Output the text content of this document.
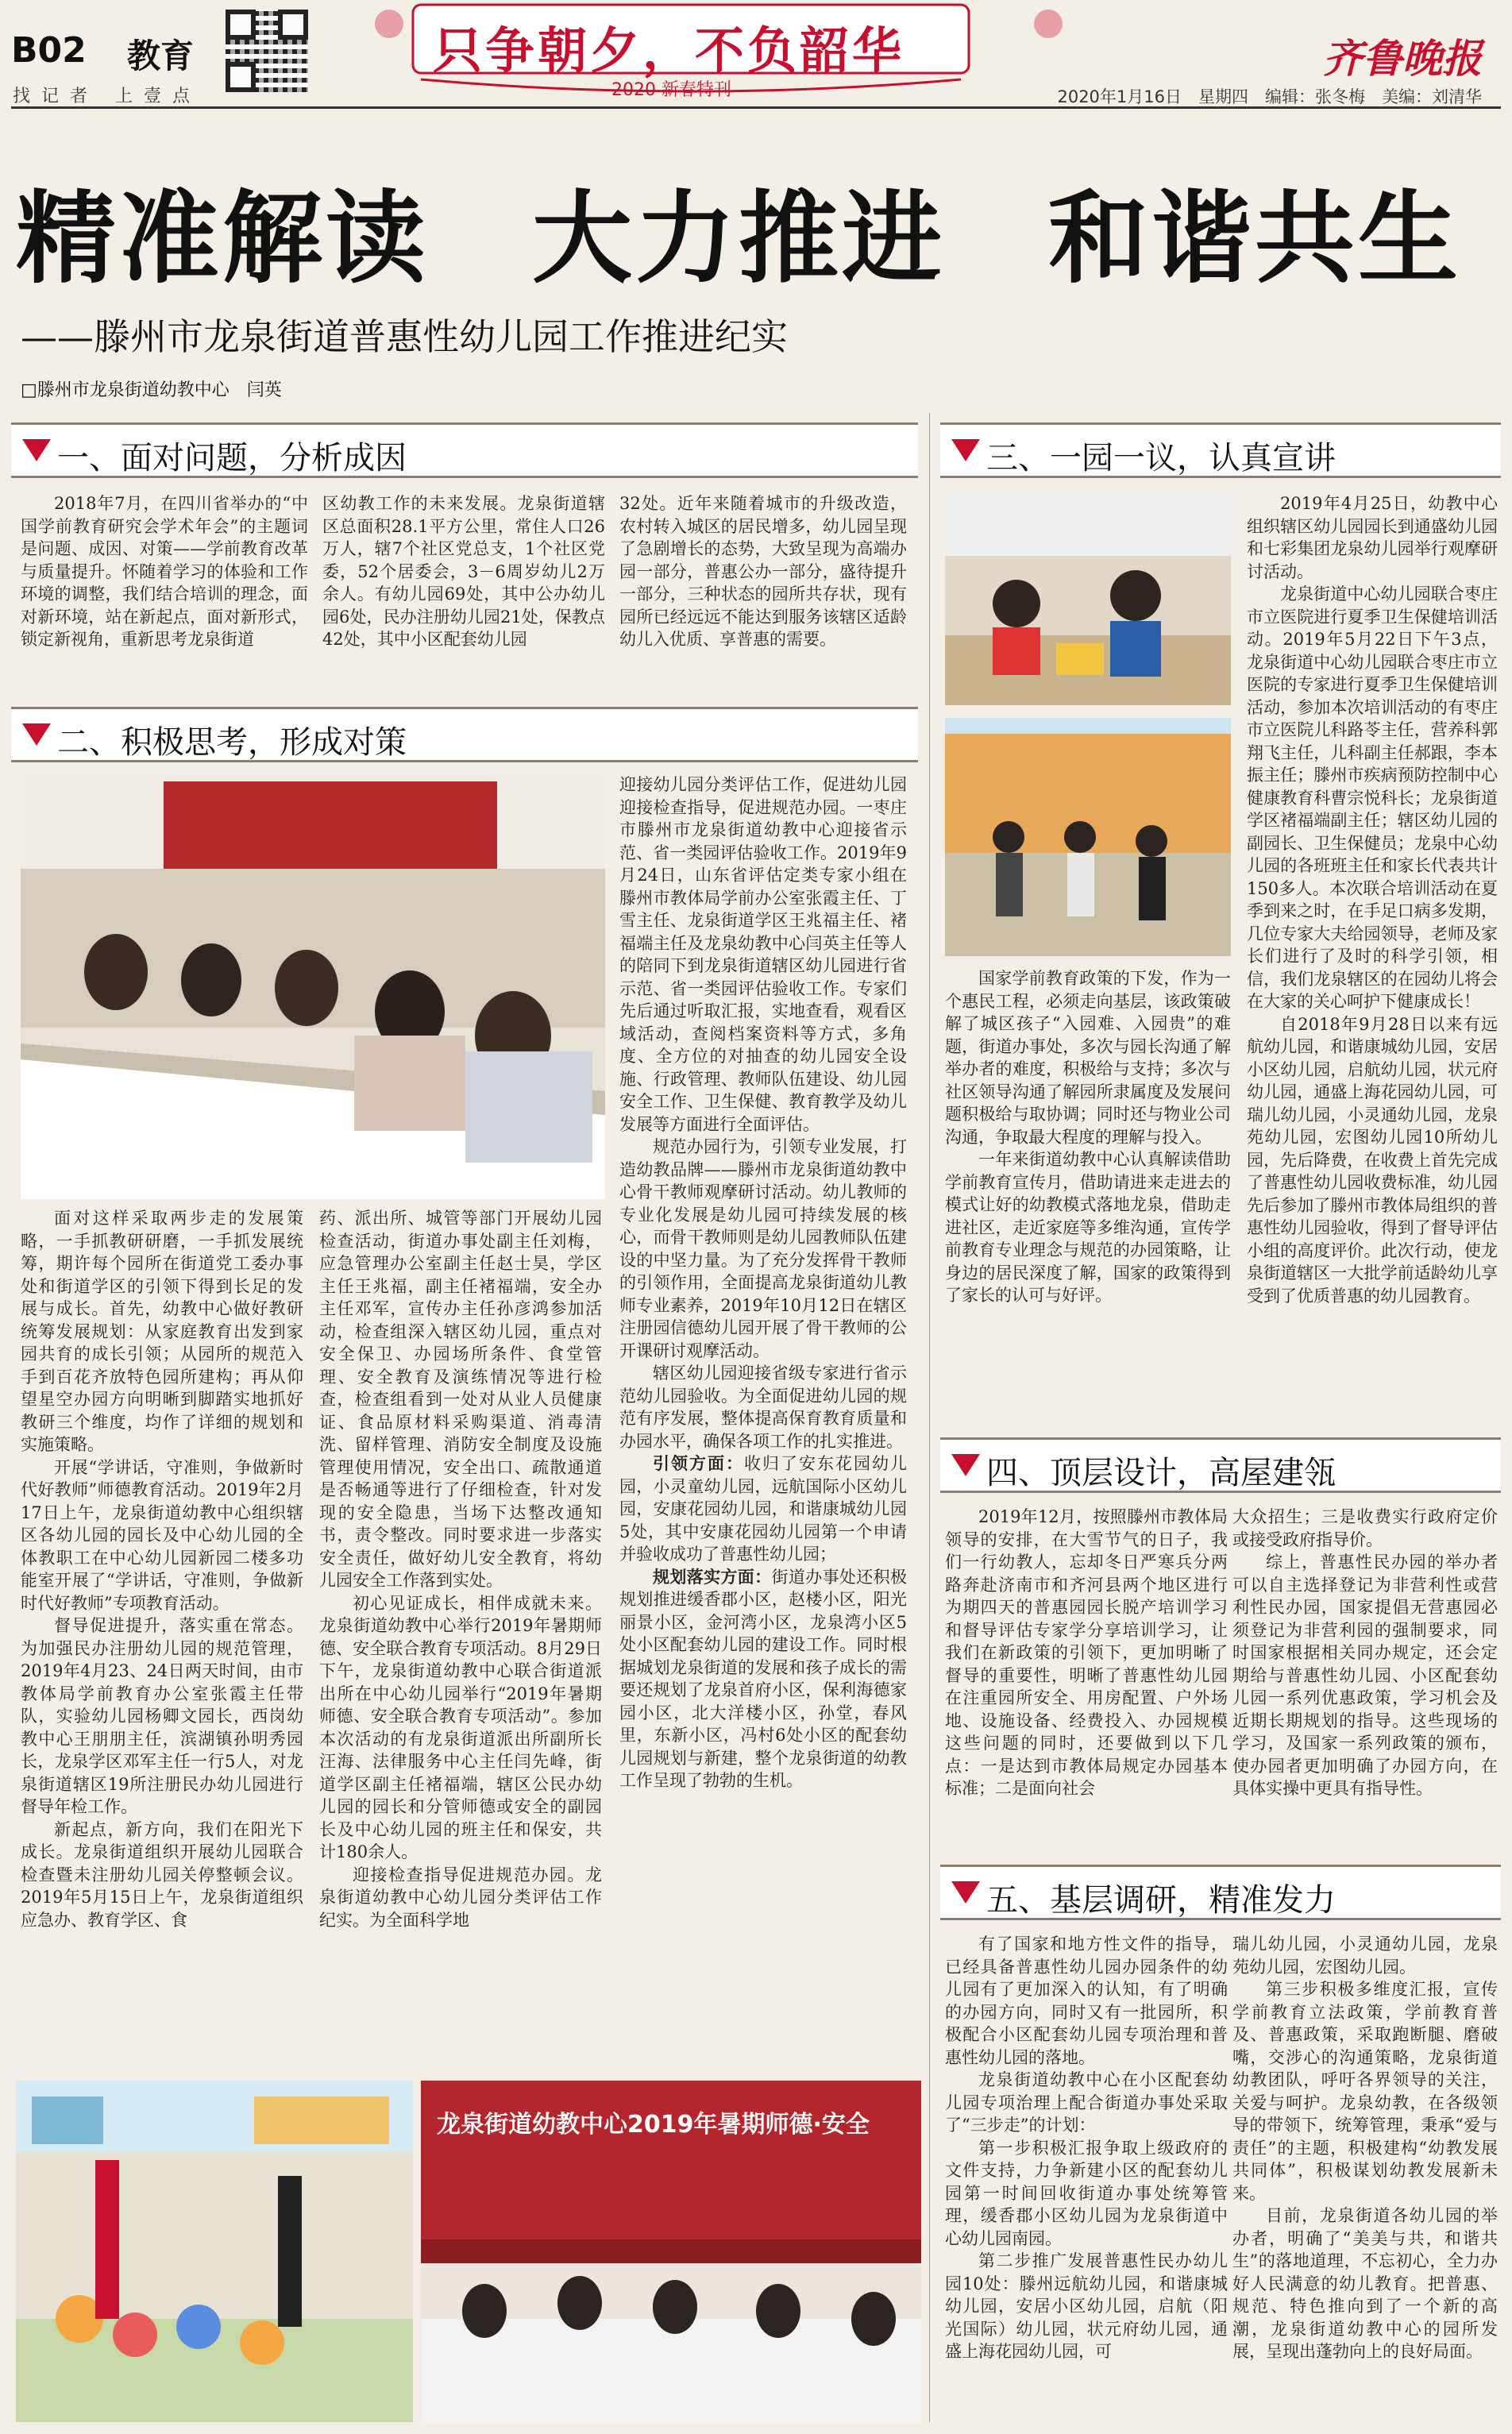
B02 教育
找记者 上壹点
只争朝夕，不负韶华
2020 新春特刊
齐鲁晚报
2020年1月16日　星期四　编辑：张冬梅　美编：刘清华
精准解读　大力推进　和谐共生
——滕州市龙泉街道普惠性幼儿园工作推进纪实
□滕州市龙泉街道幼教中心　闫英
一、面对问题，分析成因

2018年7月，在四川省举办的“中国学前教育研究会学术年会”的主题词是问题、成因、对策——学前教育改革与质量提升。怀随着学习的体验和工作环境的调整，我们结合培训的理念，面对新环境，站在新起点，面对新形式，锁定新视角，重新思考龙泉街道

区幼教工作的未来发展。龙泉街道辖区总面积28.1平方公里，常住人口26万人，辖7个社区党总支，1个社区党委，52个居委会，3－6周岁幼儿2万余人。有幼儿园69处，其中公办幼儿园6处，民办注册幼儿园21处，保教点42处，其中小区配套幼儿园

32处。近年来随着城市的升级改造，农村转入城区的居民增多，幼儿园呈现了急剧增长的态势，大致呈现为高端办园一部分，普惠公办一部分，盛待提升一部分，三种状态的园所共存状，现有园所已经远远不能达到服务该辖区适龄幼儿入优质、享普惠的需要。

二、积极思考，形成对策

面对这样采取两步走的发展策略，一手抓教研研磨，一手抓发展统筹，期许每个园所在街道党工委办事处和街道学区的引领下得到长足的发展与成长。首先，幼教中心做好教研统筹发展规划：从家庭教育出发到家园共育的成长引领；从园所的规范入手到百花齐放特色园所建构；再从仰望星空办园方向明晰到脚踏实地抓好教研三个维度，均作了详细的规划和实施策略。

开展“学讲话，守准则，争做新时代好教师”师德教育活动。2019年2月17日上午，龙泉街道幼教中心组织辖区各幼儿园的园长及中心幼儿园的全体教职工在中心幼儿园新园二楼多功能室开展了“学讲话，守准则，争做新时代好教师”专项教育活动。

督导促进提升，落实重在常态。为加强民办注册幼儿园的规范管理，2019年4月23、24日两天时间，由市教体局学前教育办公室张霞主任带队，实验幼儿园杨卿文园长，西岗幼教中心王朋朋主任，滨湖镇孙明秀园长，龙泉学区邓军主任一行5人，对龙泉街道辖区19所注册民办幼儿园进行督导年检工作。

新起点，新方向，我们在阳光下成长。龙泉街道组织开展幼儿园联合检查暨未注册幼儿园关停整顿会议。2019年5月15日上午，龙泉街道组织应急办、教育学区、食

药、派出所、城管等部门开展幼儿园检查活动，街道办事处副主任刘梅，应急管理办公室副主任赵士昊，学区主任王兆福，副主任褚福端，安全办主任邓军，宣传办主任孙彦鸿参加活动，检查组深入辖区幼儿园，重点对安全保卫、办园场所条件、食堂管理、安全教育及演练情况等进行检查，检查组看到一处对从业人员健康证、食品原材料采购渠道、消毒清洗、留样管理、消防安全制度及设施管理使用情况，安全出口、疏散通道是否畅通等进行了仔细检查，针对发现的安全隐患，当场下达整改通知书，责令整改。同时要求进一步落实安全责任，做好幼儿安全教育，将幼儿园安全工作落到实处。

初心见证成长，相伴成就未来。龙泉街道幼教中心举行2019年暑期师德、安全联合教育专项活动。8月29日下午，龙泉街道幼教中心联合街道派出所在中心幼儿园举行“2019年暑期师德、安全联合教育专项活动”。参加本次活动的有龙泉街道派出所副所长汪海、法律服务中心主任闫先峰，街道学区副主任褚福端，辖区公民办幼儿园的园长和分管师德或安全的副园长及中心幼儿园的班主任和保安，共计180余人。

迎接检查指导促进规范办园。龙泉街道幼教中心幼儿园分类评估工作纪实。为全面科学地

迎接幼儿园分类评估工作，促进幼儿园迎接检查指导，促进规范办园。一枣庄市滕州市龙泉街道幼教中心迎接省示范、省一类园评估验收工作。2019年9月24日，山东省评估定类专家小组在滕州市教体局学前办公室张霞主任、丁雪主任、龙泉街道学区王兆福主任、褚福端主任及龙泉幼教中心闫英主任等人的陪同下到龙泉街道辖区幼儿园进行省示范、省一类园评估验收工作。专家们先后通过听取汇报，实地查看，观看区域活动，查阅档案资料等方式，多角度、全方位的对抽查的幼儿园安全设施、行政管理、教师队伍建设、幼儿园安全工作、卫生保健、教育教学及幼儿发展等方面进行全面评估。

规范办园行为，引领专业发展，打造幼教品牌——滕州市龙泉街道幼教中心骨干教师观摩研讨活动。幼儿教师的专业化发展是幼儿园可持续发展的核心，而骨干教师则是幼儿园教师队伍建设的中坚力量。为了充分发挥骨干教师的引领作用，全面提高龙泉街道幼儿教师专业素养，2019年10月12日在辖区注册园信德幼儿园开展了骨干教师的公开课研讨观摩活动。

辖区幼儿园迎接省级专家进行省示范幼儿园验收。为全面促进幼儿园的规范有序发展，整体提高保育教育质量和办园水平，确保各项工作的扎实推进。

引领方面：收归了安东花园幼儿园，小灵童幼儿园，远航国际小区幼儿园，安康花园幼儿园，和谐康城幼儿园5处，其中安康花园幼儿园第一个申请并验收成功了普惠性幼儿园；

规划落实方面：街道办事处还积极规划推进缓香郡小区，赵楼小区，阳光丽景小区，金河湾小区，龙泉湾小区5处小区配套幼儿园的建设工作。同时根据城划龙泉街道的发展和孩子成长的需要还规划了龙泉首府小区，保利海德家园小区，北大洋楼小区，孙堂，春风里，东新小区，冯村6处小区的配套幼儿园规划与新建，整个龙泉街道的幼教工作呈现了勃勃的生机。

龙泉街道幼教中心2019年暑期师德·安全
三、一园一议，认真宣讲

国家学前教育政策的下发，作为一个惠民工程，必须走向基层，该政策破解了城区孩子“入园难、入园贵”的难题，街道办事处，多次与园长沟通了解举办者的难度，积极给与支持；多次与社区领导沟通了解园所隶属度及发展问题积极给与取协调；同时还与物业公司沟通，争取最大程度的理解与投入。

一年来街道幼教中心认真解读借助学前教育宣传月，借助请进来走进去的模式让好的幼教模式落地龙泉，借助走进社区，走近家庭等多维沟通，宣传学前教育专业理念与规范的办园策略，让身边的居民深度了解，国家的政策得到了家长的认可与好评。

2019年4月25日，幼教中心组织辖区幼儿园园长到通盛幼儿园和七彩集团龙泉幼儿园举行观摩研讨活动。

龙泉街道中心幼儿园联合枣庄市立医院进行夏季卫生保健培训活动。2019年5月22日下午3点，龙泉街道中心幼儿园联合枣庄市立医院的专家进行夏季卫生保健培训活动，参加本次培训活动的有枣庄市立医院儿科路苓主任，营养科郭翔飞主任，儿科副主任郝跟，李本振主任；滕州市疾病预防控制中心健康教育科曹宗悦科长；龙泉街道学区褚福端副主任；辖区幼儿园的副园长、卫生保健员；龙泉中心幼儿园的各班班主任和家长代表共计150多人。本次联合培训活动在夏季到来之时，在手足口病多发期，几位专家大夫给园领导，老师及家长们进行了及时的科学引领，相信，我们龙泉辖区的在园幼儿将会在大家的关心呵护下健康成长！

自2018年9月28日以来有远航幼儿园，和谐康城幼儿园，安居小区幼儿园，启航幼儿园，状元府幼儿园，通盛上海花园幼儿园，可瑞儿幼儿园，小灵通幼儿园，龙泉苑幼儿园，宏图幼儿园10所幼儿园，先后降费，在收费上首先完成了普惠性幼儿园收费标准，幼儿园先后参加了滕州市教体局组织的普惠性幼儿园验收，得到了督导评估小组的高度评价。此次行动，使龙泉街道辖区一大批学前适龄幼儿享受到了优质普惠的幼儿园教育。

四、顶层设计，高屋建瓴

2019年12月，按照滕州市教体局领导的安排，在大雪节气的日子，我们一行幼教人，忘却冬日严寒兵分两路奔赴济南市和齐河县两个地区进行为期四天的普惠园园长脱产培训学习和督导评估专家学分享培训学习，让我们在新政策的引领下，更加明晰了督导的重要性，明晰了普惠性幼儿园在注重园所安全、用房配置、户外场地、设施设备、经费投入、办园规模这些问题的同时，还要做到以下几点：一是达到市教体局规定办园基本标准；二是面向社会

大众招生；三是收费实行政府定价或接受政府指导价。

综上，普惠性民办园的举办者可以自主选择登记为非营利性或营利性民办园，国家提倡无营惠园必须登记为非营利园的强制要求，同时国家根据相关同办规定，还会定期给与普惠性幼儿园、小区配套幼儿园一系列优惠政策，学习机会及近期长期规划的指导。这些现场的学习，及国家一系列政策的颁布，使办园者更加明确了办园方向，在具体实操中更具有指导性。

五、基层调研，精准发力

有了国家和地方性文件的指导，已经具备普惠性幼儿园办园条件的幼儿园有了更加深入的认知，有了明确的办园方向，同时又有一批园所，积极配合小区配套幼儿园专项治理和普惠性幼儿园的落地。

龙泉街道幼教中心在小区配套幼儿园专项治理上配合街道办事处采取了“三步走”的计划：

第一步积极汇报争取上级政府的文件支持，力争新建小区的配套幼儿园第一时间回收街道办事处统筹管理，缓香郡小区幼儿园为龙泉街道中心幼儿园南园。

第二步推广发展普惠性民办幼儿园10处：滕州远航幼儿园，和谐康城幼儿园，安居小区幼儿园，启航（阳光国际）幼儿园，状元府幼儿园，通盛上海花园幼儿园，可

瑞儿幼儿园，小灵通幼儿园，龙泉苑幼儿园，宏图幼儿园。

第三步积极多维度汇报，宣传学前教育立法政策，学前教育普及、普惠政策，采取跑断腿、磨破嘴，交涉心的沟通策略，龙泉街道幼教团队，呼吁各界领导的关注，关爱与呵护。龙泉幼教，在各级领导的带领下，统筹管理，秉承“爱与责任”的主题，积极建构“幼教发展共同体”，积极谋划幼教发展新未来。

目前，龙泉街道各幼儿园的举办者，明确了“美美与共，和谐共生”的落地道理，不忘初心，全力办好人民满意的幼儿教育。把普惠、规范、特色推向到了一个新的高潮，龙泉街道幼教中心的园所发展，呈现出蓬勃向上的良好局面。
